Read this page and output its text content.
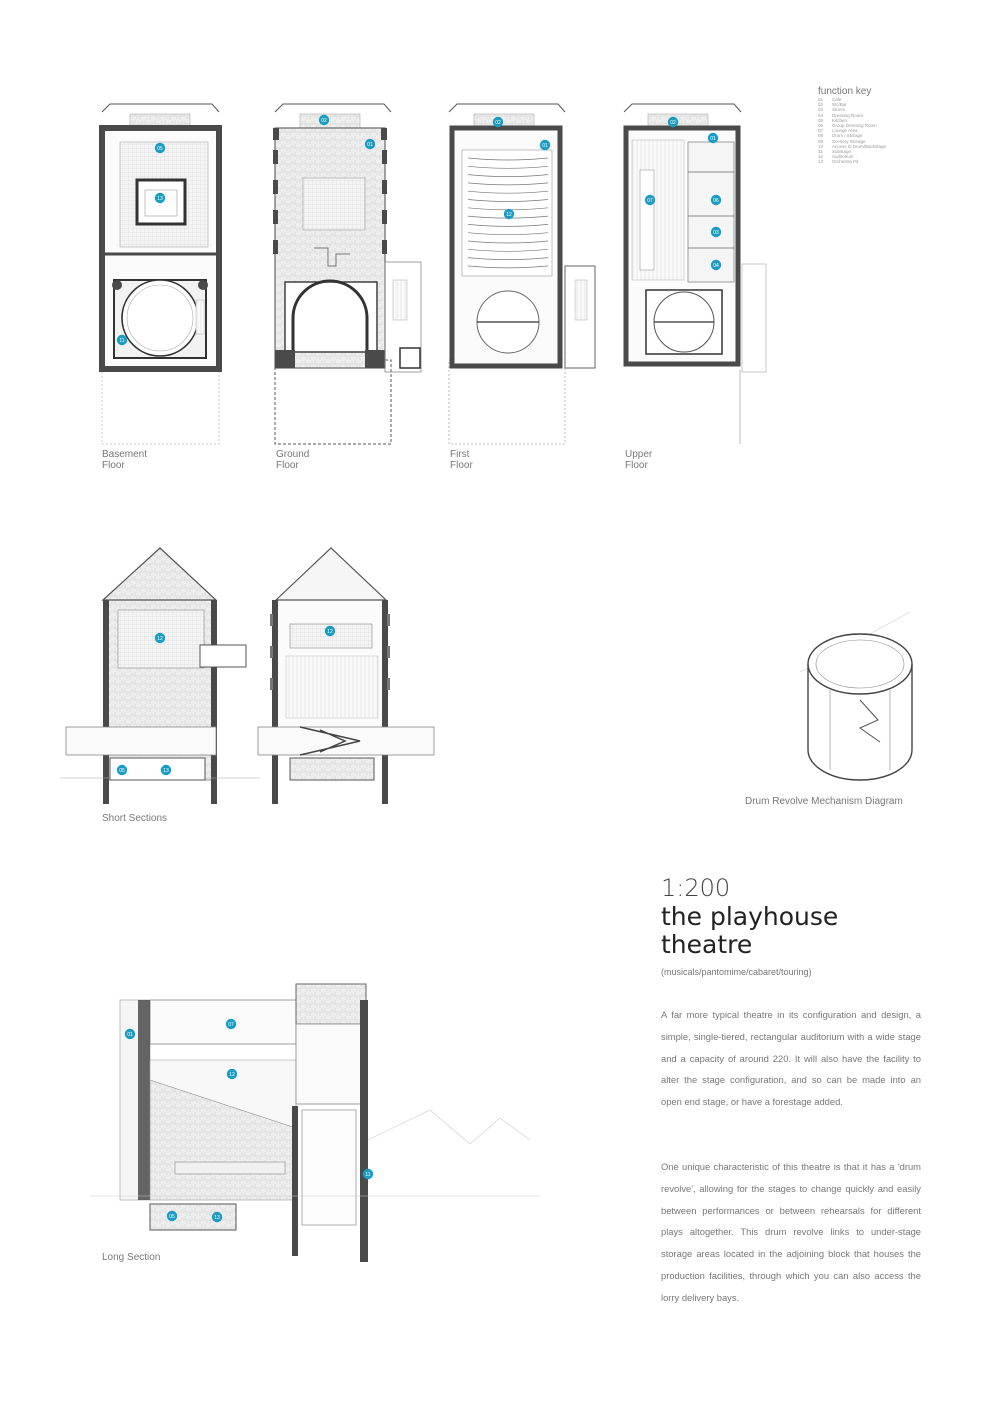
05
13
11
02
01
02
01
12
02
01
07	06
03
04
12
05	13
12
01
07
12
05	13
11
Basement
Floor
Ground
Floor
First
Floor
Upper
Floor
function key
01	Cafe
02	Wc/Bar
03	Stores
04	Dressing Room
05	Kitchen
06	Group Dressing Room
07	Lounge Area
08	Drum / Storage
09	Scenery Storage
10	Access to Drum/Backstage
11	Substage
12	Auditorium
13	Orchestra Pit
Short Sections
Drum Revolve Mechanism Diagram
Long Section
1:200
the playhouse
theatre
(musicals/pantomime/cabaret/touring)
A far more typical theatre in its configuration and design, a simple, single-tiered, rectangular auditorium with a wide stage and a capacity of around 220. It will also have the facility to alter the stage configuration, and so can be made into an open end stage, or have a forestage added.
One unique characteristic of this theatre is that it has a 'drum revolve', allowing for the stages to change quickly and easily between performances or between rehearsals for different plays altogether. This drum revolve links to under-stage storage areas located in the adjoining block that houses the production facilities, through which you can also access the lorry delivery bays.
